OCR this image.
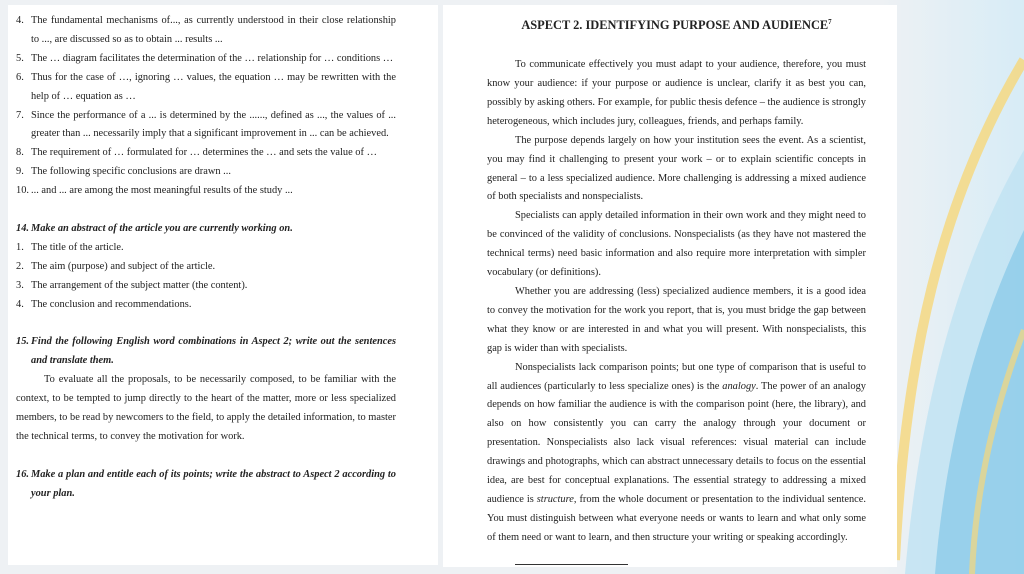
4. The fundamental mechanisms of..., as currently understood in their close relationship to ..., are discussed so as to obtain ... results ...
5. The … diagram facilitates the determination of the … relationship for … conditions …
6. Thus for the case of …, ignoring … values, the equation … may be rewritten with the help of … equation as …
7. Since the performance of a ... is determined by the ......, defined as ..., the values of ... greater than ... necessarily imply that a significant improvement in ... can be achieved.
8. The requirement of … formulated for … determines the … and sets the value of …
9. The following specific conclusions are drawn ...
10. ... and ... are among the most meaningful results of the study ...
14. Make an abstract of the article you are currently working on.
1. The title of the article.
2. The aim (purpose) and subject of the article.
3. The arrangement of the subject matter (the content).
4. The conclusion and recommendations.
15. Find the following English word combinations in Aspect 2; write out the sentences and translate them.

To evaluate all the proposals, to be necessarily composed, to be familiar with the context, to be tempted to jump directly to the heart of the matter, more or less specialized members, to be read by newcomers to the field, to apply the detailed information, to master the technical terms, to convey the motivation for work.

16. Make a plan and entitle each of its points; write the abstract to Aspect 2 according to your plan.
ASPECT 2. IDENTIFYING PURPOSE AND AUDIENCE$^7$

To communicate effectively you must adapt to your audience, therefore, you must know your audience: if your purpose or audience is unclear, clarify it as best you can, possibly by asking others. For example, for public thesis defence – the audience is strongly heterogeneous, which includes jury, colleagues, friends, and perhaps family.

The purpose depends largely on how your institution sees the event. As a scientist, you may find it challenging to present your work – or to explain scientific concepts in general – to a less specialized audience. More challenging is addressing a mixed audience of both specialists and nonspecialists.

Specialists can apply detailed information in their own work and they might need to be convinced of the validity of conclusions. Nonspecialists (as they have not mastered the technical terms) need basic information and also require more interpretation with simpler vocabulary (or definitions).

Whether you are addressing (less) specialized audience members, it is a good idea to convey the motivation for the work you report, that is, you must bridge the gap between what they know or are interested in and what you will present. With nonspecialists, this gap is wider than with specialists.

Nonspecialists lack comparison points; but one type of comparison that is useful to all audiences (particularly to less specialize ones) is the analogy. The power of an analogy depends on how familiar the audience is with the comparison point (here, the library), and also on how consistently you can carry the analogy through your document or presentation. Nonspecialists also lack visual references: visual material can include drawings and photographs, which can abstract unnecessary details to focus on the essential idea, are best for conceptual explanations. The essential strategy to addressing a mixed audience is structure, from the whole document or presentation to the individual sentence. You must distinguish between what everyone needs or wants to learn and what only some of them need or want to learn, and then structure your writing or speaking accordingly.
